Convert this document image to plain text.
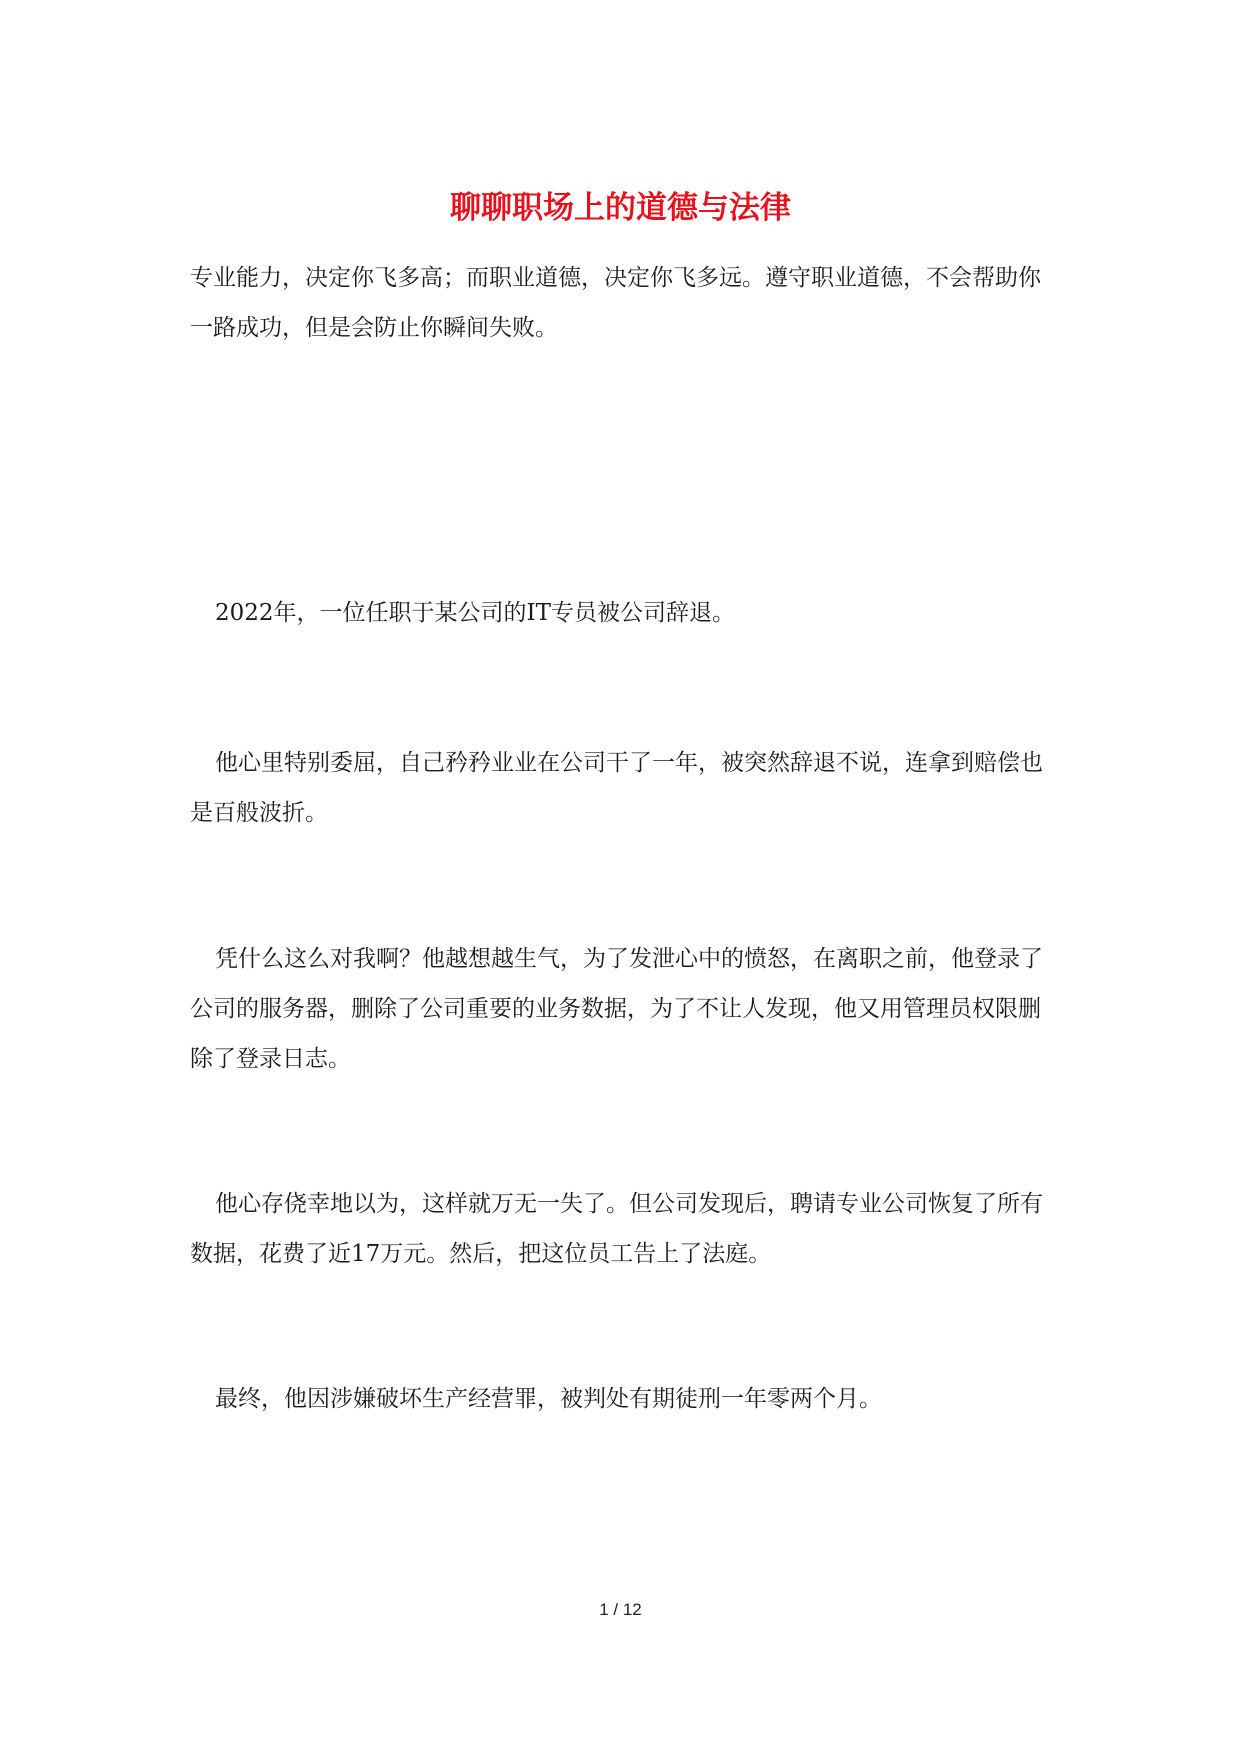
聊聊职场上的道德与法律

专业能力，决定你飞多高；而职业道德，决定你飞多远。遵守职业道德，不会帮助你一路成功，但是会防止你瞬间失败。

2022年，一位任职于某公司的IT专员被公司辞退。

他心里特别委屈，自己矜矜业业在公司干了一年，被突然辞退不说，连拿到赔偿也是百般波折。

凭什么这么对我啊？他越想越生气，为了发泄心中的愤怒，在离职之前，他登录了公司的服务器，删除了公司重要的业务数据，为了不让人发现，他又用管理员权限删除了登录日志。

他心存侥幸地以为，这样就万无一失了。但公司发现后，聘请专业公司恢复了所有数据，花费了近17万元。然后，把这位员工告上了法庭。

最终，他因涉嫌破坏生产经营罪，被判处有期徒刑一年零两个月。

1 / 12
